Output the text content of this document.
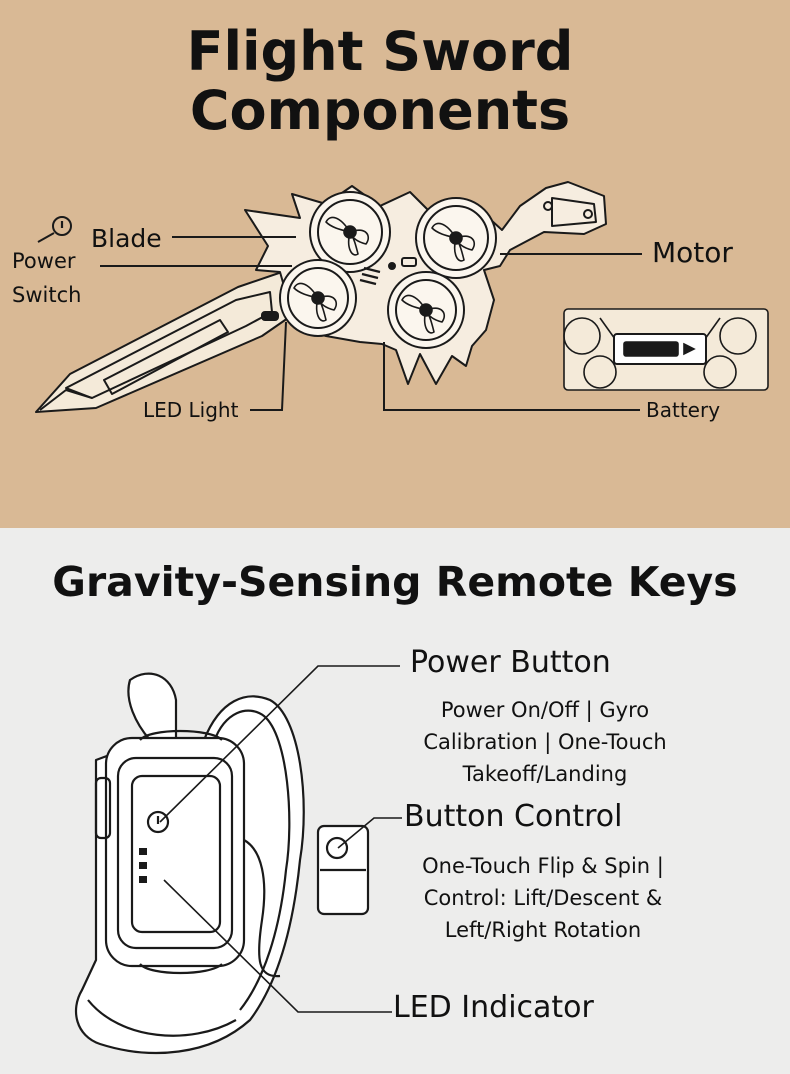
Flight Sword
Components
Blade
Power
Switch
Motor
LED Light	Battery
Gravity-Sensing Remote Keys
Power Button
Power On/Off | Gyro
Calibration | One-Touch
Takeoff/Landing
Button Control
One-Touch Flip & Spin |
Control: Lift/Descent &
Left/Right Rotation
LED Indicator
